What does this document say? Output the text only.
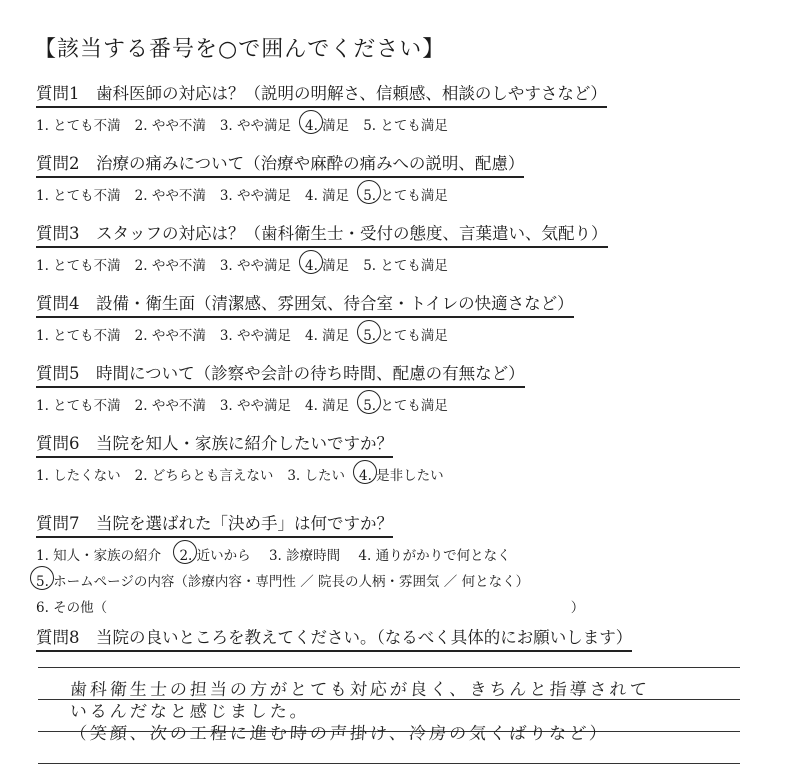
【該当する番号を○で囲んでください】
質問1　歯科医師の対応は？（説明の明解さ、信頼感、相談のしやすさなど）
1. とても不満 2. やや不満 3. やや満足 4. 満足 5. とても満足
質問2　治療の痛みについて（治療や麻酔の痛みへの説明、配慮）
1. とても不満 2. やや不満 3. やや満足 4. 満足 5. とても満足
質問3　スタッフの対応は？（歯科衛生士・受付の態度、言葉遣い、気配り）
1. とても不満 2. やや不満 3. やや満足 4. 満足 5. とても満足
質問4　設備・衛生面（清潔感、雰囲気、待合室・トイレの快適さなど）
1. とても不満 2. やや不満 3. やや満足 4. 満足 5. とても満足
質問5　時間について（診察や会計の待ち時間、配慮の有無など）
1. とても不満 2. やや不満 3. やや満足 4. 満足 5. とても満足
質問6　当院を知人・家族に紹介したいですか？
1. したくない 2. どちらとも言えない 3. したい 4. 是非したい
質問7　当院を選ばれた「決め手」は何ですか？
1. 知人・家族の紹介 2. 近いから 3. 診療時間 4. 通りがかりで何となく
5. ホームページの内容（診療内容・専門性 ／ 院長の人柄・雰囲気 ／ 何となく）
6. その他（	）
質問8　当院の良いところを教えてください。（なるべく具体的にお願いします）
歯科衛生士の担当の方がとても対応が良く、きちんと指導されて
いるんだなと感じました。
（笑顔、次の工程に進む時の声掛け、冷房の気くばりなど）
